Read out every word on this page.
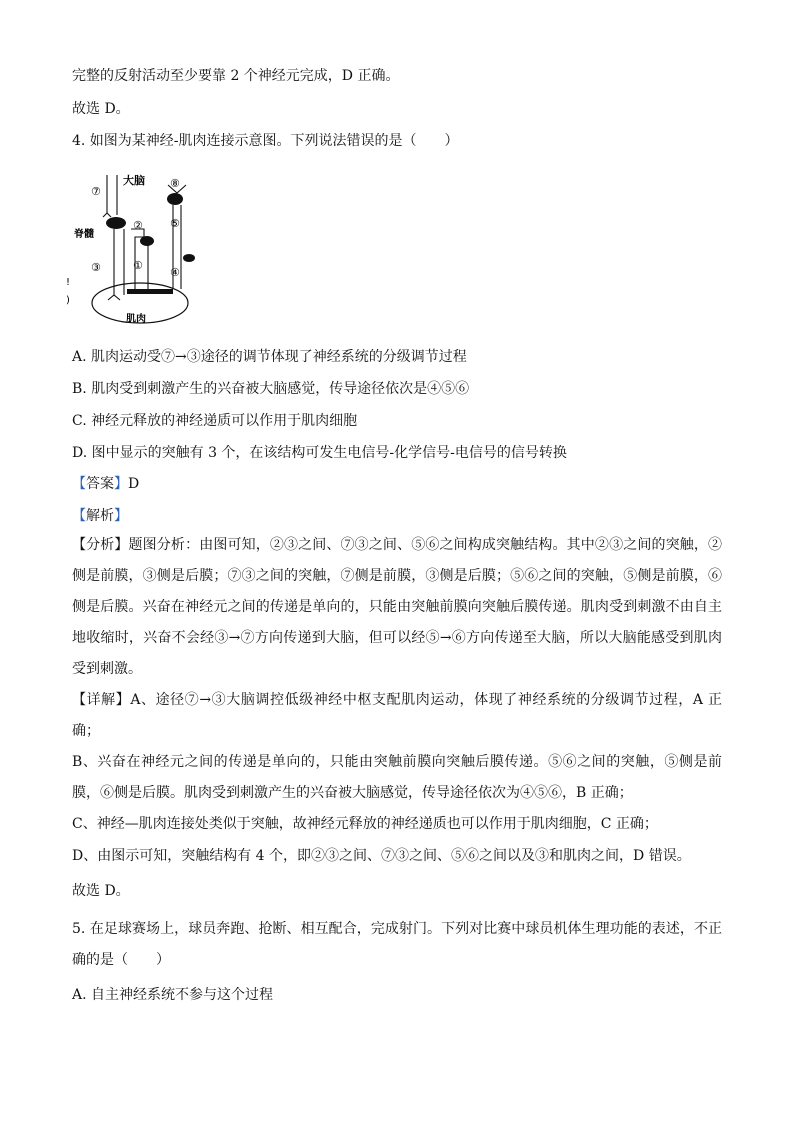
完整的反射活动至少要靠 2 个神经元完成，D 正确。
故选 D。
4. 如图为某神经-肌肉连接示意图。下列说法错误的是（　　）
大脑
脊髓
肌肉
⑦
②
③	①
⑧
⑤
④
!
)
A. 肌肉运动受⑦→③途径的调节体现了神经系统的分级调节过程
B. 肌肉受到刺激产生的兴奋被大脑感觉，传导途径依次是④⑤⑥
C. 神经元释放的神经递质可以作用于肌肉细胞
D. 图中显示的突触有 3 个，在该结构可发生电信号-化学信号-电信号的信号转换
【答案】D
【解析】
【分析】题图分析：由图可知，②③之间、⑦③之间、⑤⑥之间构成突触结构。其中②③之间的突触，②侧是前膜，③侧是后膜；⑦③之间的突触，⑦侧是前膜，③侧是后膜；⑤⑥之间的突触，⑤侧是前膜，⑥侧是后膜。兴奋在神经元之间的传递是单向的，只能由突触前膜向突触后膜传递。肌肉受到刺激不由自主地收缩时，兴奋不会经③→⑦方向传递到大脑，但可以经⑤→⑥方向传递至大脑，所以大脑能感受到肌肉受到刺激。
【详解】A、途径⑦→③大脑调控低级神经中枢支配肌肉运动，体现了神经系统的分级调节过程，A 正确；
B、兴奋在神经元之间的传递是单向的，只能由突触前膜向突触后膜传递。⑤⑥之间的突触，⑤侧是前膜，⑥侧是后膜。肌肉受到刺激产生的兴奋被大脑感觉，传导途径依次为④⑤⑥，B 正确；
C、神经—肌肉连接处类似于突触，故神经元释放的神经递质也可以作用于肌肉细胞，C 正确；
D、由图示可知，突触结构有 4 个，即②③之间、⑦③之间、⑤⑥之间以及③和肌肉之间，D 错误。
故选 D。
5. 在足球赛场上，球员奔跑、抢断、相互配合，完成射门。下列对比赛中球员机体生理功能的表述，不正确的是（　　）
A. 自主神经系统不参与这个过程
